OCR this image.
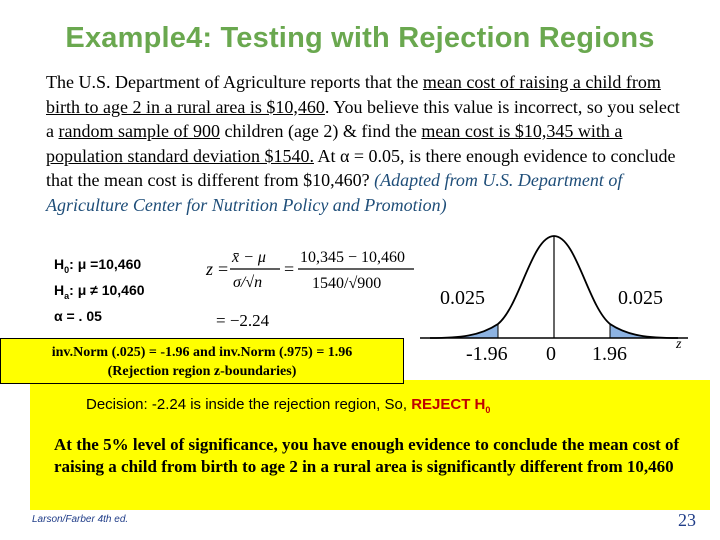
Example4: Testing with Rejection Regions
The U.S. Department of Agriculture reports that the mean cost of raising a child from birth to age 2 in a rural area is $10,460. You believe this value is incorrect, so you select a random sample of 900 children (age 2) & find the mean cost is $10,345 with a population standard deviation $1540. At α = 0.05, is there enough evidence to conclude that the mean cost is different from $10,460? (Adapted from U.S. Department of Agriculture Center for Nutrition Policy and Promotion)
$H_0$: μ =10,460
$H_a$: μ ≠ 10,460
α = . 05
z =
x̄ − μ
σ/√n
=
10,345 − 10,460
1540/√900
= −2.24
0.025	0.025
-1.96 0 1.96	z
inv.Norm (.025) = -1.96 and inv.Norm (.975) = 1.96
(Rejection region z-boundaries)
Decision: -2.24 is inside the rejection region, So, REJECT $H_0$
At the 5% level of significance, you have enough evidence to conclude the mean cost of raising a child from birth to age 2 in a rural area is significantly different from 10,460
Larson/Farber 4th ed.	23
